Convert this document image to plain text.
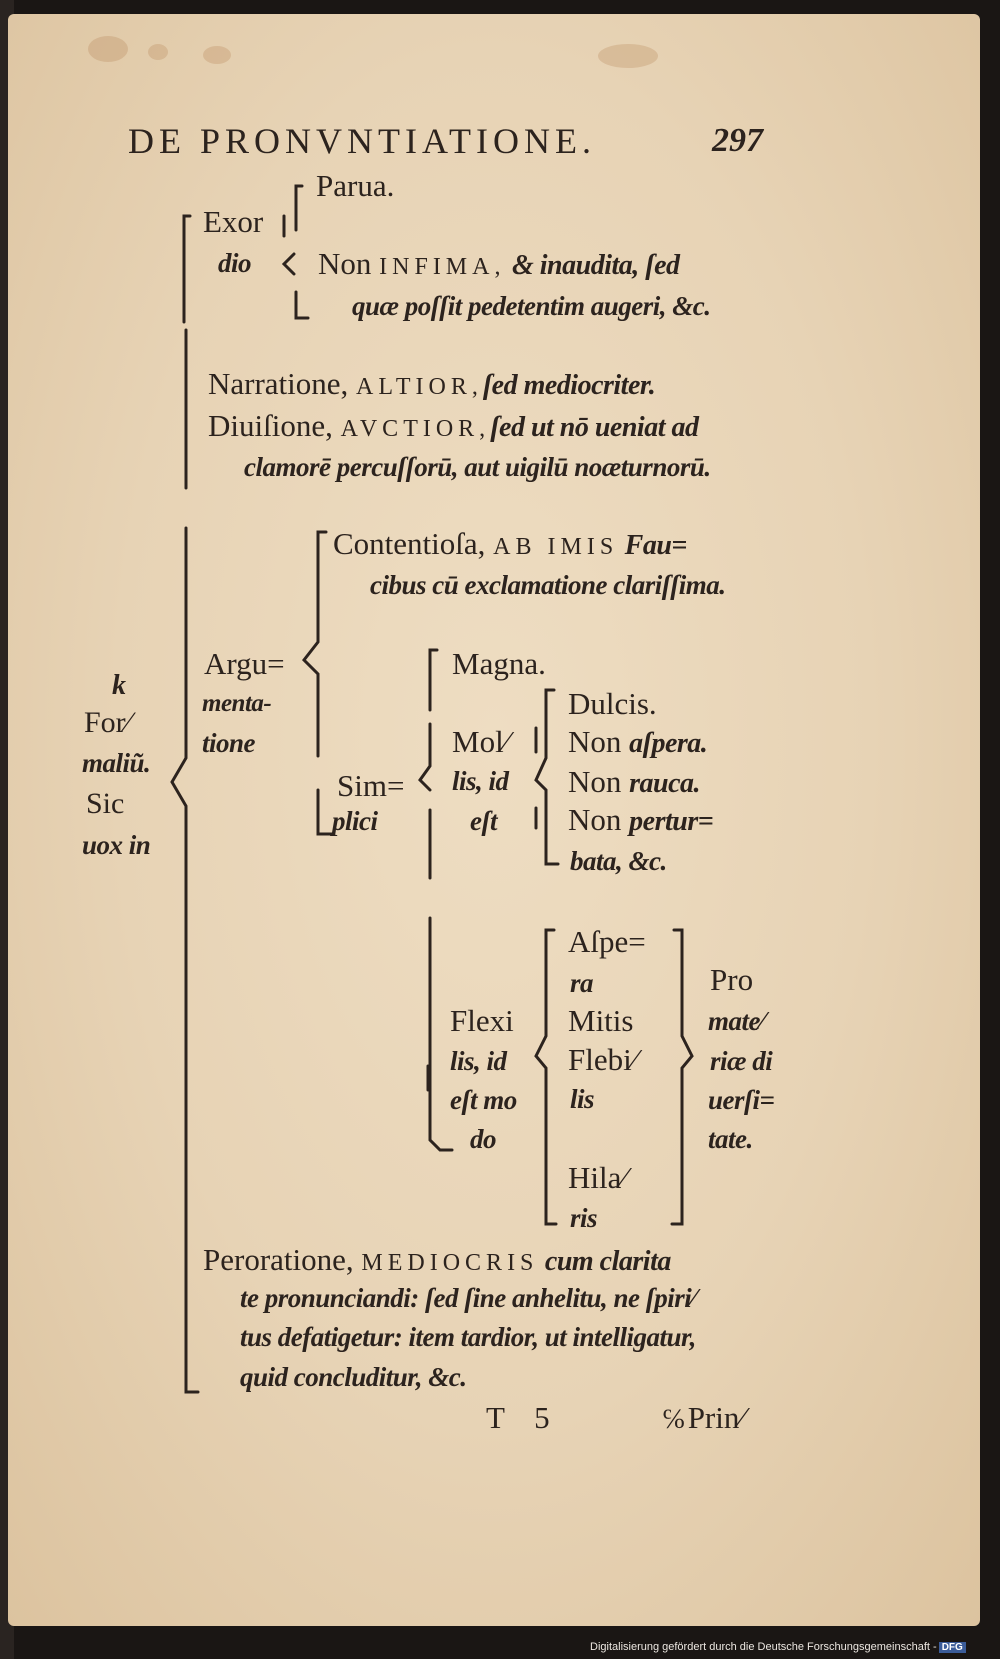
DE PRONVNTIATIONE.	297
k
For⁄
maliũ.
Sic
uox in
Exor
dio
Parua.
Non INFIMA, & inaudita, ſed
quæ poſſit pedetentim augeri, &c.
Narratione, ALTIOR,ſed mediocriter.
Diuiſione, AVCTIOR,ſed ut nō ueniat ad
clamorē percuſſorū, aut uigilū noæturnorū.
Argu=
menta-
tione
Contentioſa, AB IMIS Fau=
cibus cū exclamatione clariſſima.
Sim=
plici
Magna.
Mol⁄
lis, id
eſt
Dulcis.
Non aſpera.
Non rauca.
Non pertur=
bata, &c.
Flexi
lis, id
eſt mo
do
Aſpe=
ra
Mitis
Flebi⁄
lis
Hila⁄
ris
Pro
mate⁄
riæ di
uerſi=
tate.
Peroratione, MEDIOCRIS cum clarita
te pronunciandi: ſed ſine anhelitu, ne ſpiri⁄
tus defatigetur: item tardior, ut intelligatur,
quid concluditur, &c.
T 5	℅ Prin⁄
Digitalisierung gefördert durch die Deutsche Forschungsgemeinschaft - DFG
